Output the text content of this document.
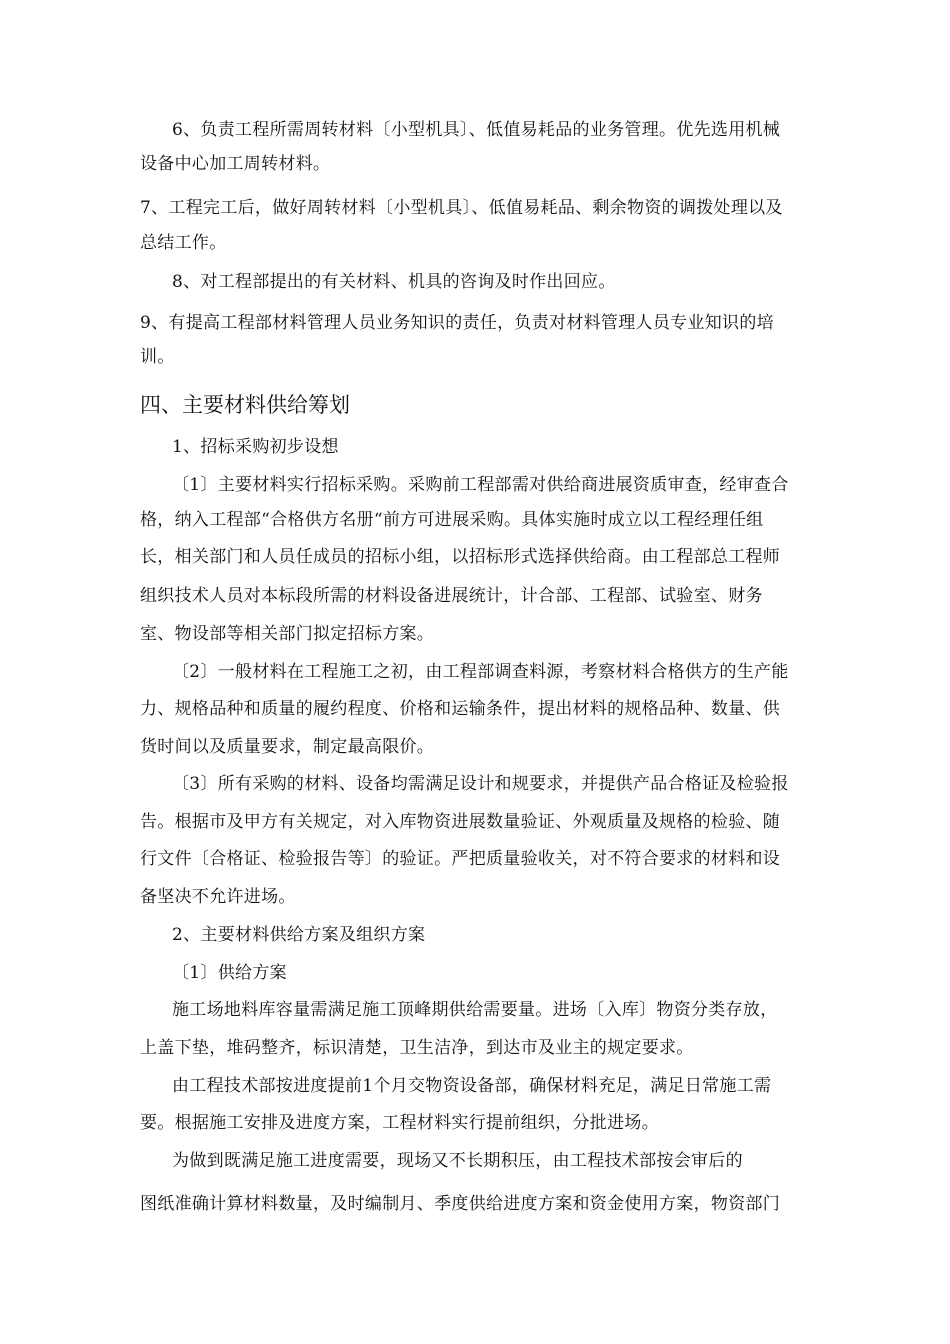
6、负责工程所需周转材料〔小型机具〕、低值易耗品的业务管理。优先选用机械
设备中心加工周转材料。
7、工程完工后，做好周转材料〔小型机具〕、低值易耗品、剩余物资的调拨处理以及
总结工作。
8、对工程部提出的有关材料、机具的咨询及时作出回应。
9、有提高工程部材料管理人员业务知识的责任，负责对材料管理人员专业知识的培
训。
四、主要材料供给筹划
1、招标采购初步设想
〔1〕主要材料实行招标采购。采购前工程部需对供给商进展资质审查，经审查合
格，纳入工程部“合格供方名册“前方可进展采购。具体实施时成立以工程经理任组
长，相关部门和人员任成员的招标小组，以招标形式选择供给商。由工程部总工程师
组织技术人员对本标段所需的材料设备进展统计，计合部、工程部、试验室、财务
室、物设部等相关部门拟定招标方案。
〔2〕一般材料在工程施工之初，由工程部调查料源，考察材料合格供方的生产能
力、规格品种和质量的履约程度、价格和运输条件，提出材料的规格品种、数量、供
货时间以及质量要求，制定最高限价。
〔3〕所有采购的材料、设备均需满足设计和规要求，并提供产品合格证及检验报
告。根据市及甲方有关规定，对入库物资进展数量验证、外观质量及规格的检验、随
行文件〔合格证、检验报告等〕的验证。严把质量验收关，对不符合要求的材料和设
备坚决不允许进场。
2、主要材料供给方案及组织方案
〔1〕供给方案
施工场地料库容量需满足施工顶峰期供给需要量。进场〔入库〕物资分类存放，
上盖下垫，堆码整齐，标识清楚，卫生洁净，到达市及业主的规定要求。
由工程技术部按进度提前1个月交物资设备部，确保材料充足，满足日常施工需
要。根据施工安排及进度方案，工程材料实行提前组织，分批进场。
为做到既满足施工进度需要，现场又不长期积压，由工程技术部按会审后的
图纸准确计算材料数量，及时编制月、季度供给进度方案和资金使用方案，物资部门
